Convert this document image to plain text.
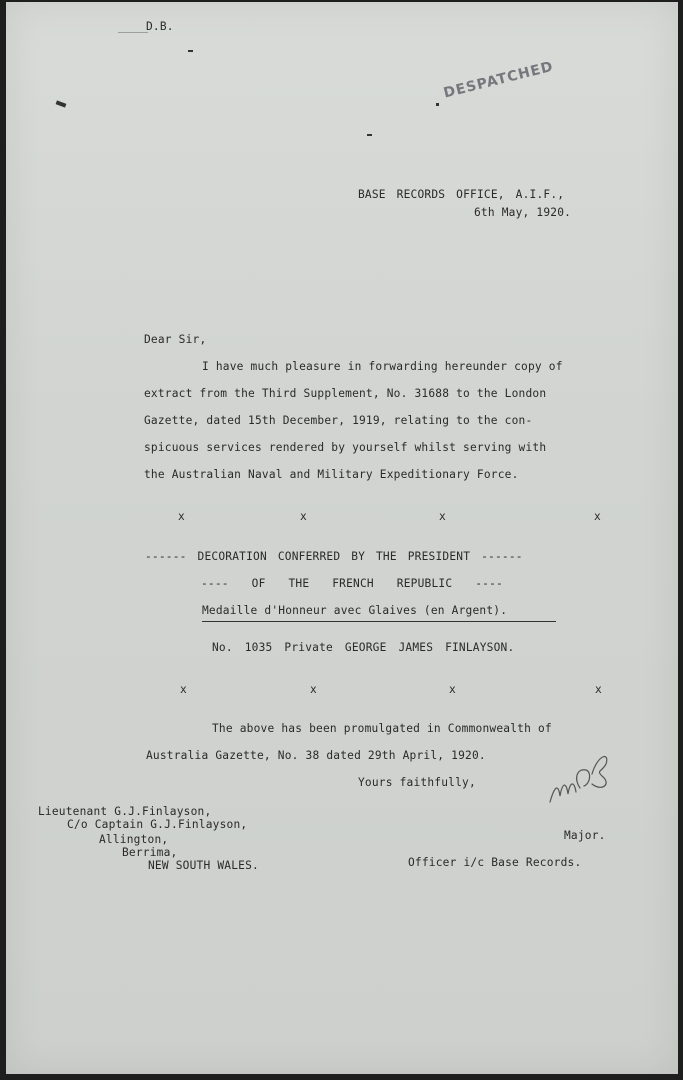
D.B.
DESPATCHED
BASE RECORDS OFFICE, A.I.F.,
6th May, 1920.
Dear Sir,
I have much pleasure in forwarding hereunder copy of
extract from the Third Supplement, No. 31688 to the London
Gazette, dated 15th December, 1919, relating to the con-
spicuous services rendered by yourself whilst serving with
the Australian Naval and Military Expeditionary Force.
x	x	x	x
------ DECORATION CONFERRED BY THE PRESIDENT ------
---- OF THE FRENCH REPUBLIC ----
Medaille d'Honneur avec Glaives (en Argent).
No. 1035 Private GEORGE JAMES FINLAYSON.
x	x	x	x
The above has been promulgated in Commonwealth of
Australia Gazette, No. 38 dated 29th April, 1920.
Yours faithfully,
Lieutenant G.J.Finlayson,
C/o Captain G.J.Finlayson,
Allington,
Berrima,
NEW SOUTH WALES.
Major.
Officer i/c Base Records.
